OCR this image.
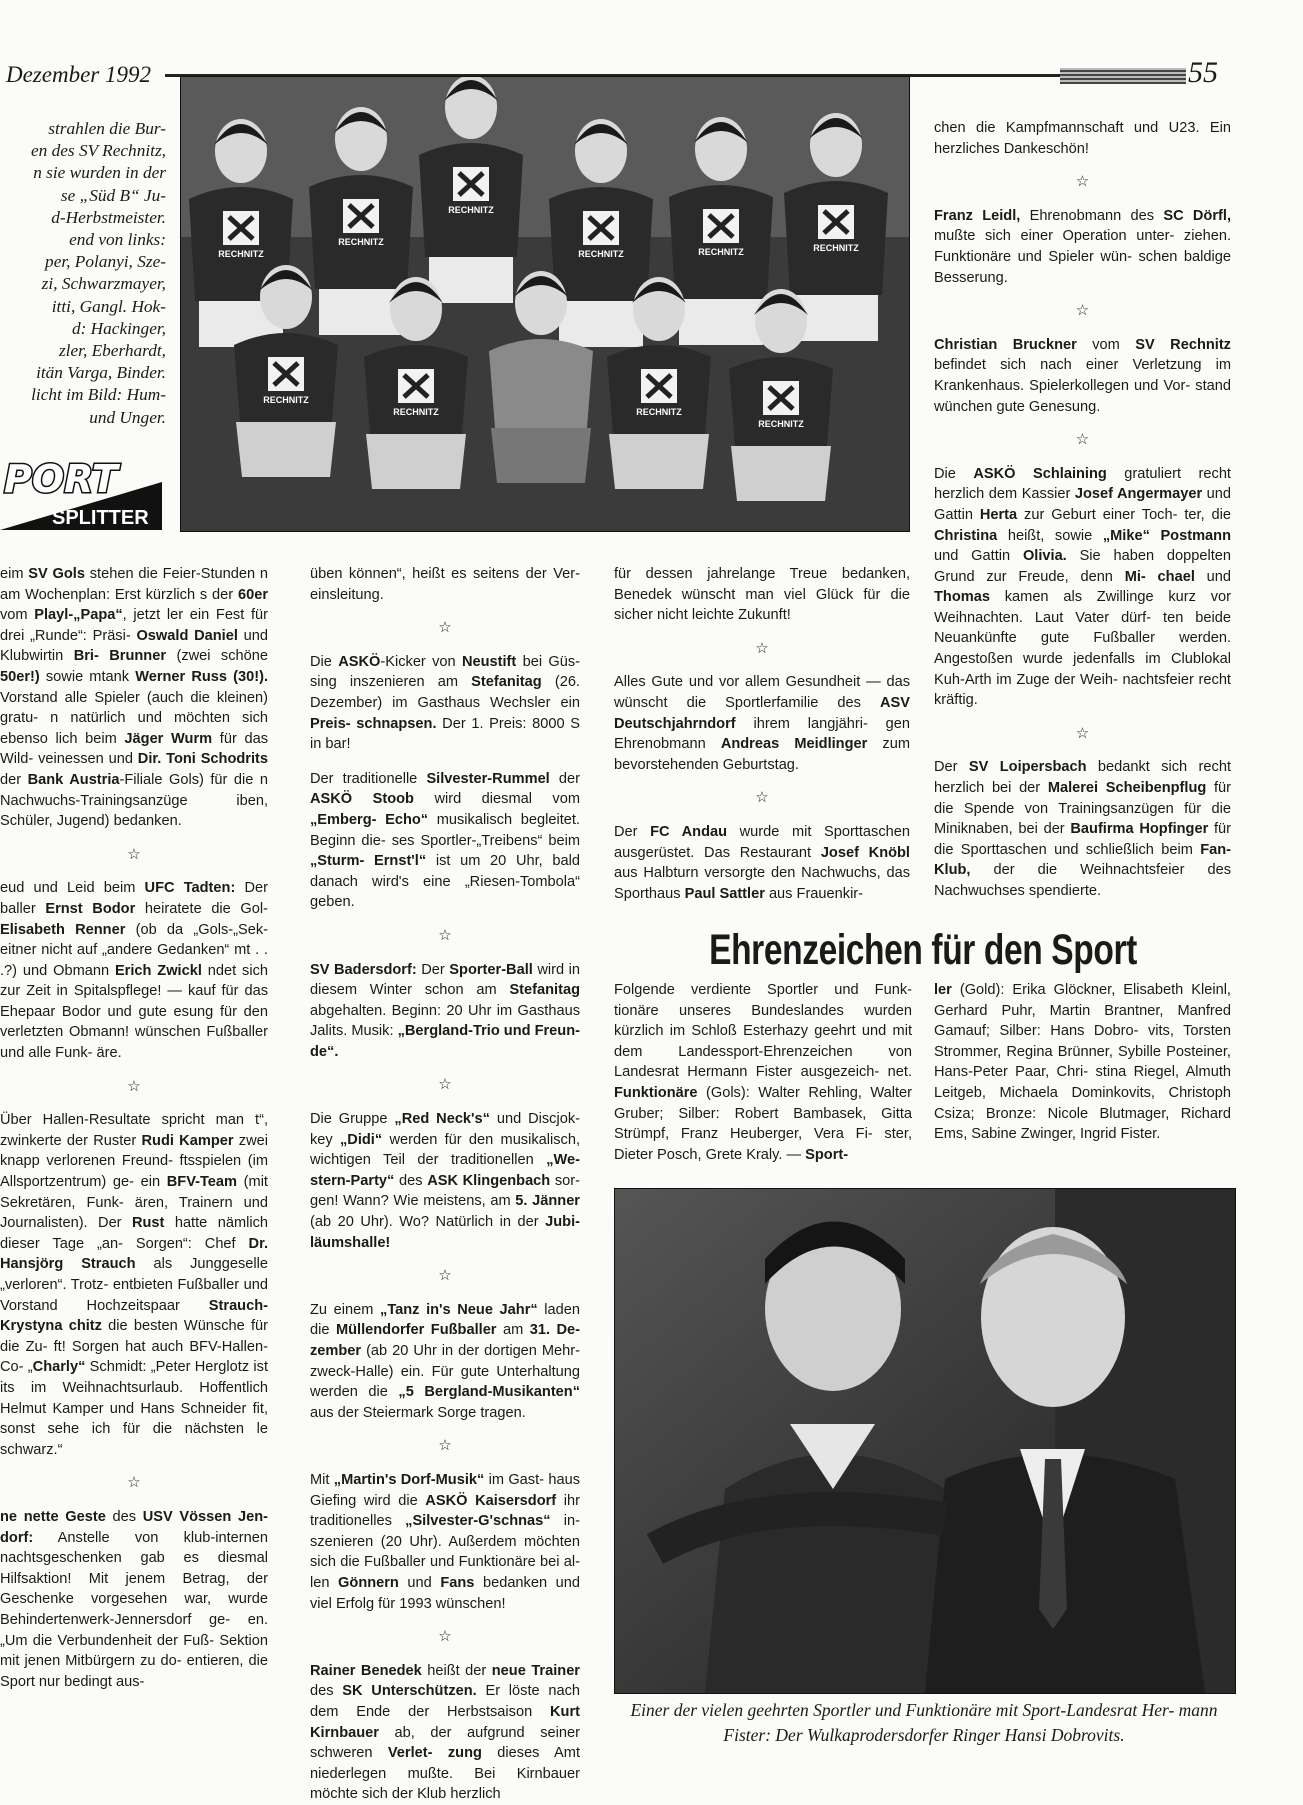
Dezember 1992	55
RECHNITZ
RECHNITZ
RECHNITZ
RECHNITZ	RECHNITZ	RECHNITZ
RECHNITZ
RECHNITZ	RECHNITZ
RECHNITZ
strahlen die Bur-
en des SV Rechnitz,
n sie wurden in der
se „Süd B“ Ju-
d-Herbstmeister.
end von links:
per, Polanyi, Sze-
zi, Schwarzmayer,
itti, Gangl. Hok-
d: Hackinger,
zler, Eberhardt,
itän Varga, Binder.
licht im Bild: Hum-
und Unger.
PORT
SPLITTER

eim SV Gols stehen die Feier-Stunden n am Wochenplan: Erst kürzlich s der 60er vom Playl-„Papa“, jetzt ler ein Fest für drei „Runde“: Präsi- Oswald Daniel und Klubwirtin Bri- Brunner (zwei schöne 50er!) sowie mtank Werner Russ (30!). Vorstand alle Spieler (auch die kleinen) gratu- n natürlich und möchten sich ebenso lich beim Jäger Wurm für das Wild- veinessen und Dir. Toni Schodrits der Bank Austria-Filiale Gols) für die n Nachwuchs-Trainingsanzüge iben, Schüler, Jugend) bedanken.

☆

eud und Leid beim UFC Tadten: Der baller Ernst Bodor heiratete die Gol- Elisabeth Renner (ob da „Gols-„Sek- eitner nicht auf „andere Gedanken“ mt . . .?) und Obmann Erich Zwickl ndet sich zur Zeit in Spitalspflege! — kauf für das Ehepaar Bodor und gute esung für den verletzten Obmann! wünschen Fußballer und alle Funk- äre.

☆

Über Hallen-Resultate spricht man t“, zwinkerte der Ruster Rudi Kamper zwei knapp verlorenen Freund- ftsspielen (im Allsportzentrum) ge- ein BFV-Team (mit Sekretären, Funk- ären, Trainern und Journalisten). Der Rust hatte nämlich dieser Tage „an- Sorgen“: Chef Dr. Hansjörg Strauch als Junggeselle „verloren“. Trotz- entbieten Fußballer und Vorstand Hochzeitspaar Strauch-Krystyna chitz die besten Wünsche für die Zu- ft! Sorgen hat auch BFV-Hallen-Co- „Charly“ Schmidt: „Peter Herglotz ist its im Weihnachtsurlaub. Hoffentlich Helmut Kamper und Hans Schneider fit, sonst sehe ich für die nächsten le schwarz.“

☆

ne nette Geste des USV Vössen Jen- dorf: Anstelle von klub-internen nachtsgeschenken gab es diesmal Hilfsaktion! Mit jenem Betrag, der Geschenke vorgesehen war, wurde Behindertenwerk-Jennersdorf ge- en. „Um die Verbundenheit der Fuß- Sektion mit jenen Mitbürgern zu do- entieren, die Sport nur bedingt aus-

üben können“, heißt es seitens der Ver- einsleitung.

☆

Die ASKÖ-Kicker von Neustift bei Güs- sing inszenieren am Stefanitag (26. Dezember) im Gasthaus Wechsler ein Preis- schnapsen. Der 1. Preis: 8000 S in bar!

Der traditionelle Silvester-Rummel der ASKÖ Stoob wird diesmal vom „Emberg- Echo“ musikalisch begleitet. Beginn die- ses Sportler-„Treibens“ beim „Sturm- Ernst'l“ ist um 20 Uhr, bald danach wird's eine „Riesen-Tombola“ geben.

☆

SV Badersdorf: Der Sporter-Ball wird in diesem Winter schon am Stefanitag abgehalten. Beginn: 20 Uhr im Gasthaus Jalits. Musik: „Bergland-Trio und Freun- de“.

☆

Die Gruppe „Red Neck's“ und Discjok- key „Didi“ werden für den musikalisch, wichtigen Teil der traditionellen „We- stern-Party“ des ASK Klingenbach sor- gen! Wann? Wie meistens, am 5. Jänner (ab 20 Uhr). Wo? Natürlich in der Jubi- läumshalle!

☆

Zu einem „Tanz in's Neue Jahr“ laden die Müllendorfer Fußballer am 31. De- zember (ab 20 Uhr in der dortigen Mehr- zweck-Halle) ein. Für gute Unterhaltung werden die „5 Bergland-Musikanten“ aus der Steiermark Sorge tragen.

☆

Mit „Martin's Dorf-Musik“ im Gast- haus Giefing wird die ASKÖ Kaisersdorf ihr traditionelles „Silvester-G'schnas“ in- szenieren (20 Uhr). Außerdem möchten sich die Fußballer und Funktionäre bei al- len Gönnern und Fans bedanken und viel Erfolg für 1993 wünschen!

☆

Rainer Benedek heißt der neue Trainer des SK Unterschützen. Er löste nach dem Ende der Herbstsaison Kurt Kirnbauer ab, der aufgrund seiner schweren Verlet- zung dieses Amt niederlegen mußte. Bei Kirnbauer möchte sich der Klub herzlich

für dessen jahrelange Treue bedanken, Benedek wünscht man viel Glück für die sicher nicht leichte Zukunft!

☆

Alles Gute und vor allem Gesundheit — das wünscht die Sportlerfamilie des ASV Deutschjahrndorf ihrem langjähri- gen Ehrenobmann Andreas Meidlinger zum bevorstehenden Geburtstag.

☆

Der FC Andau wurde mit Sporttaschen ausgerüstet. Das Restaurant Josef Knöbl aus Halbturn versorgte den Nachwuchs, das Sporthaus Paul Sattler aus Frauenkir-

chen die Kampfmannschaft und U23. Ein herzliches Dankeschön!

☆

Franz Leidl, Ehrenobmann des SC Dörfl, mußte sich einer Operation unter- ziehen. Funktionäre und Spieler wün- schen baldige Besserung.

☆

Christian Bruckner vom SV Rechnitz befindet sich nach einer Verletzung im Krankenhaus. Spielerkollegen und Vor- stand wünchen gute Genesung.

☆

Die ASKÖ Schlaining gratuliert recht herzlich dem Kassier Josef Angermayer und Gattin Herta zur Geburt einer Toch- ter, die Christina heißt, sowie „Mike“ Postmann und Gattin Olivia. Sie haben doppelten Grund zur Freude, denn Mi- chael und Thomas kamen als Zwillinge kurz vor Weihnachten. Laut Vater dürf- ten beide Neuankünfte gute Fußballer werden. Angestoßen wurde jedenfalls im Clublokal Kuh-Arth im Zuge der Weih- nachtsfeier recht kräftig.

☆

Der SV Loipersbach bedankt sich recht herzlich bei der Malerei Scheibenpflug für die Spende von Trainingsanzügen für die Miniknaben, bei der Baufirma Hopfinger für die Sporttaschen und schließlich beim Fan-Klub, der die Weihnachtsfeier des Nachwuchses spendierte.

Ehrenzeichen für den Sport

Folgende verdiente Sportler und Funk- tionäre unseres Bundeslandes wurden kürzlich im Schloß Esterhazy geehrt und mit dem Landessport-Ehrenzeichen von Landesrat Hermann Fister ausgezeich- net. Funktionäre (Gols): Walter Rehling, Walter Gruber; Silber: Robert Bambasek, Gitta Strümpf, Franz Heuberger, Vera Fi- ster, Dieter Posch, Grete Kraly. — Sport-

ler (Gold): Erika Glöckner, Elisabeth Kleinl, Gerhard Puhr, Martin Brantner, Manfred Gamauf; Silber: Hans Dobro- vits, Torsten Strommer, Regina Brünner, Sybille Posteiner, Hans-Peter Paar, Chri- stina Riegel, Almuth Leitgeb, Michaela Dominkovits, Christoph Csiza; Bronze: Nicole Blutmager, Richard Ems, Sabine Zwinger, Ingrid Fister.

Einer der vielen geehrten Sportler und Funktionäre mit Sport-Landesrat Her- mann Fister: Der Wulkaprodersdorfer Ringer Hansi Dobrovits.
